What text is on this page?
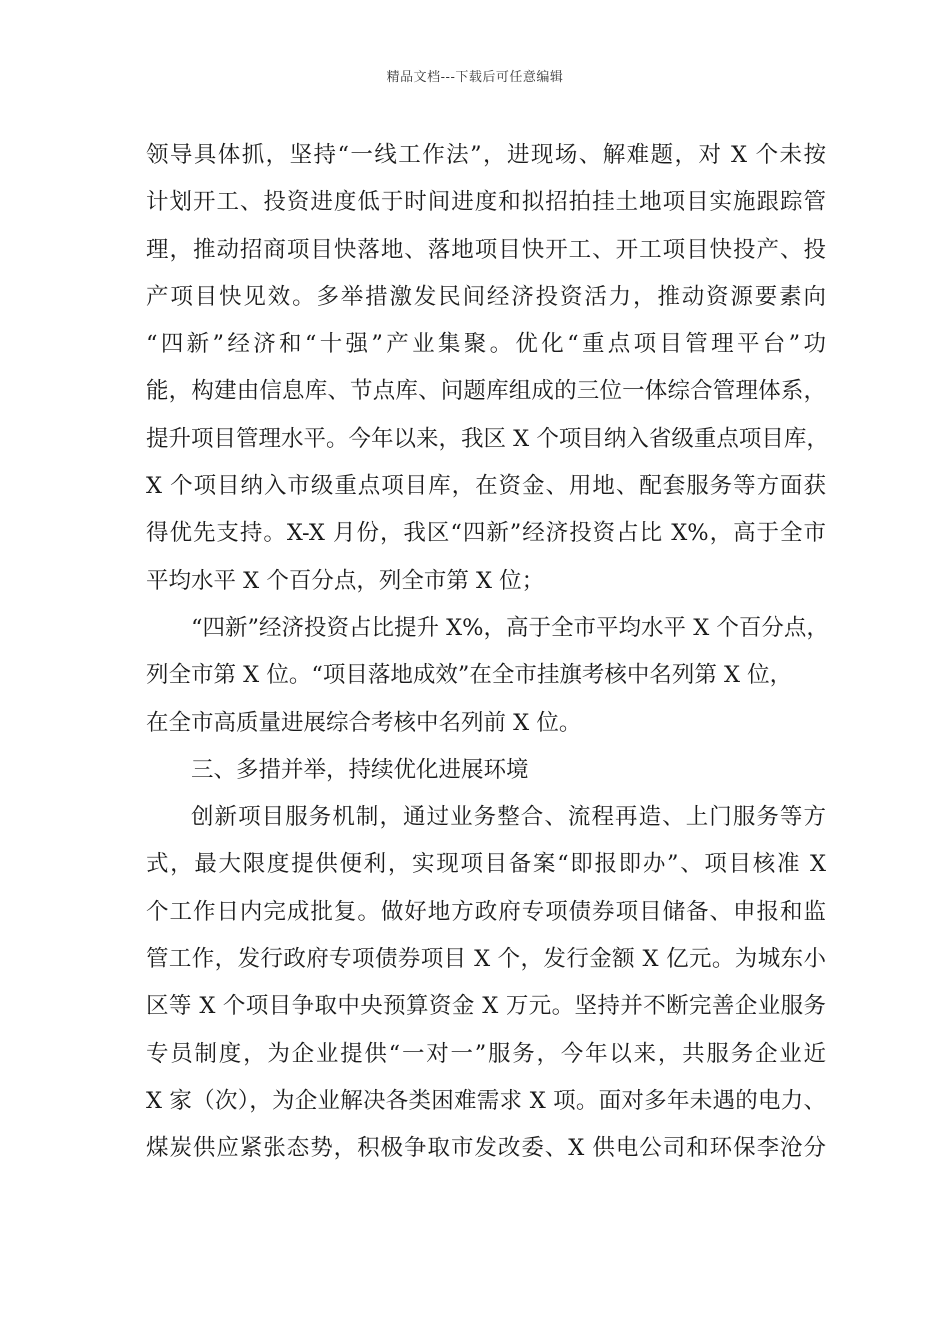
精品文档---下载后可任意编辑
领导具体抓，坚持“一线工作法”，进现场、解难题，对 X 个未按
计划开工、投资进度低于时间进度和拟招拍挂土地项目实施跟踪管
理，推动招商项目快落地、落地项目快开工、开工项目快投产、投
产项目快见效。多举措激发民间经济投资活力，推动资源要素向
“四新”经济和“十强”产业集聚。优化“重点项目管理平台”功
能，构建由信息库、节点库、问题库组成的三位一体综合管理体系，
提升项目管理水平。今年以来，我区 X 个项目纳入省级重点项目库，
X 个项目纳入市级重点项目库，在资金、用地、配套服务等方面获
得优先支持。X-X 月份，我区“四新”经济投资占比 X%，高于全市
平均水平 X 个百分点，列全市第 X 位；
“四新”经济投资占比提升 X%，高于全市平均水平 X 个百分点，
列全市第 X 位。“项目落地成效”在全市挂旗考核中名列第 X 位，
在全市高质量进展综合考核中名列前 X 位。
三、多措并举，持续优化进展环境
创新项目服务机制，通过业务整合、流程再造、上门服务等方
式，最大限度提供便利，实现项目备案“即报即办”、项目核准 X
个工作日内完成批复。做好地方政府专项债券项目储备、申报和监
管工作，发行政府专项债券项目 X 个，发行金额 X 亿元。为城东小
区等 X 个项目争取中央预算资金 X 万元。坚持并不断完善企业服务
专员制度，为企业提供“一对一”服务，今年以来，共服务企业近
X 家（次），为企业解决各类困难需求 X 项。面对多年未遇的电力、
煤炭供应紧张态势，积极争取市发改委、X 供电公司和环保李沧分
